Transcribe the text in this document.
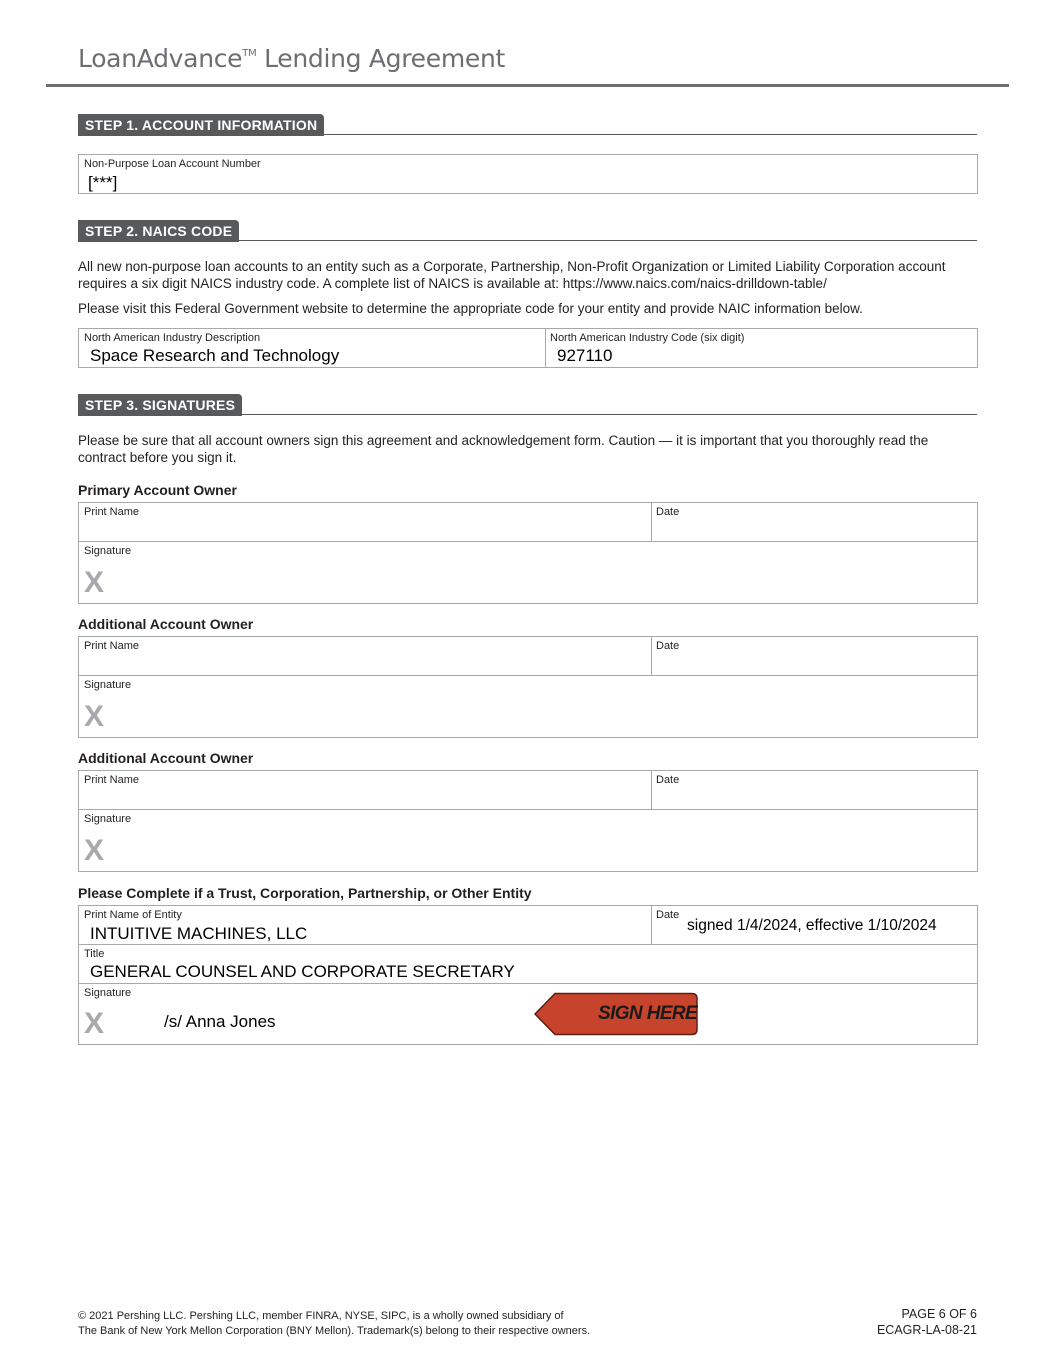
LoanAdvance™ Lending Agreement
STEP 1. ACCOUNT INFORMATION
Non-Purpose Loan Account Number
[***]
STEP 2. NAICS CODE
All new non-purpose loan accounts to an entity such as a Corporate, Partnership, Non-Profit Organization or Limited Liability Corporation account requires a six digit NAICS industry code. A complete list of NAICS is available at: https://www.naics.com/naics-drilldown-table/
Please visit this Federal Government website to determine the appropriate code for your entity and provide NAIC information below.
North American Industry Description
Space Research and Technology
North American Industry Code (six digit)
927110
STEP 3. SIGNATURES
Please be sure that all account owners sign this agreement and acknowledgement form. Caution — it is important that you thoroughly read the contract before you sign it.
Primary Account Owner
Print Name	Date
Signature
X
Additional Account Owner
Print Name	Date
Signature
X
Additional Account Owner
Print Name	Date
Signature
X
Please Complete if a Trust, Corporation, Partnership, or Other Entity
Print Name of Entity
INTUITIVE MACHINES, LLC
Date
signed 1/4/2024, effective 1/10/2024
Title
GENERAL COUNSEL AND CORPORATE SECRETARY
Signature
X	/s/ Anna Jones	SIGN HERE
© 2021 Pershing LLC. Pershing LLC, member FINRA, NYSE, SIPC, is a wholly owned subsidiary of
The Bank of New York Mellon Corporation (BNY Mellon). Trademark(s) belong to their respective owners.
PAGE 6 OF 6
ECAGR-LA-08-21
